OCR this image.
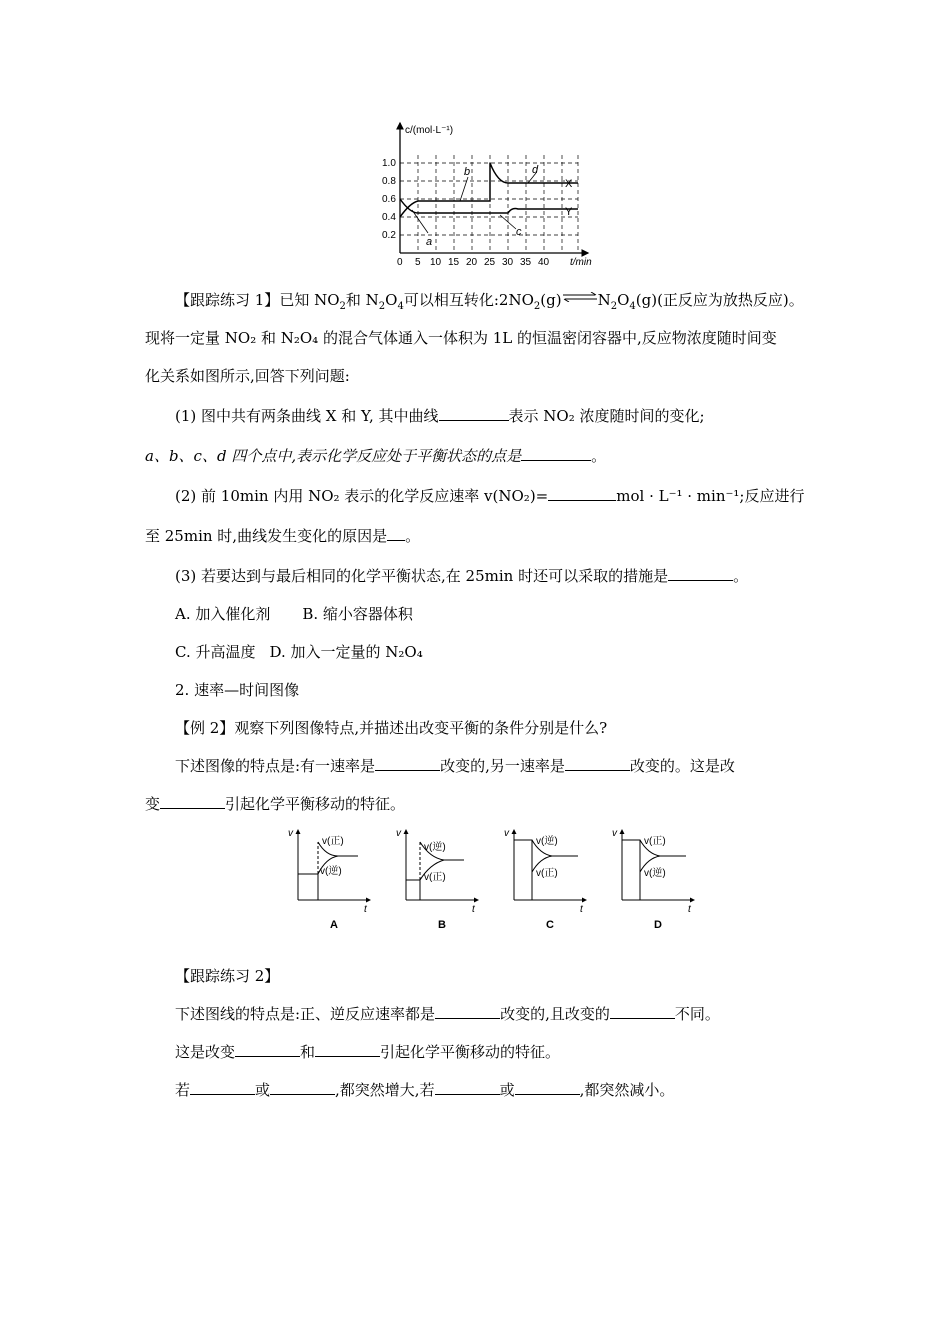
c/(mol·L⁻¹)
t/min
1.0
0.8
0.6
0.4
0.2
0 5 10 15 20 25 30 35 40
X
Y
a
b
c
d
【跟踪练习 1】已知 $NO_2$和 $N_2O_4$可以相互转化$:2NO_2(g)\rightleftharpoons N_2O_4(g)$(正反应为放热反应)。
现将一定量 NO₂ 和 N₂O₄ 的混合气体通入一体积为 1L 的恒温密闭容器中,反应物浓度随时间变
化关系如图所示,回答下列问题:
(1) 图中共有两条曲线 X 和 Y, 其中曲线	表示 NO₂ 浓度随时间的变化;
a、b、c、d 四个点中,表示化学反应处于平衡状态的点是	。
(2) 前 10min 内用 NO₂ 表示的化学反应速率 v(NO₂)=	mol · L⁻¹ · min⁻¹;反应进行
至 25min 时,曲线发生变化的原因是 。
(3) 若要达到与最后相同的化学平衡状态,在 25min 时还可以采取的措施是	。
A. 加入催化剂 B. 缩小容器体积
C. 升高温度 D. 加入一定量的 N₂O₄
2. 速率—时间图像
【例 2】观察下列图像特点,并描述出改变平衡的条件分别是什么?
下述图像的特点是:有一速率是	改变的,另一速率是	改变的。这是改
变	引起化学平衡移动的特征。
v
t
v(正)
v(逆)
A
v
t
v(逆)
v(正)
B
v
t
v(逆)
v(正)
C
v
t
v(正)
v(逆)
D
【跟踪练习 2】
下述图线的特点是:正、逆反应速率都是	改变的,且改变的	不同。
这是改变	和	引起化学平衡移动的特征。
若	或	,都突然增大,若	或	,都突然减小。
